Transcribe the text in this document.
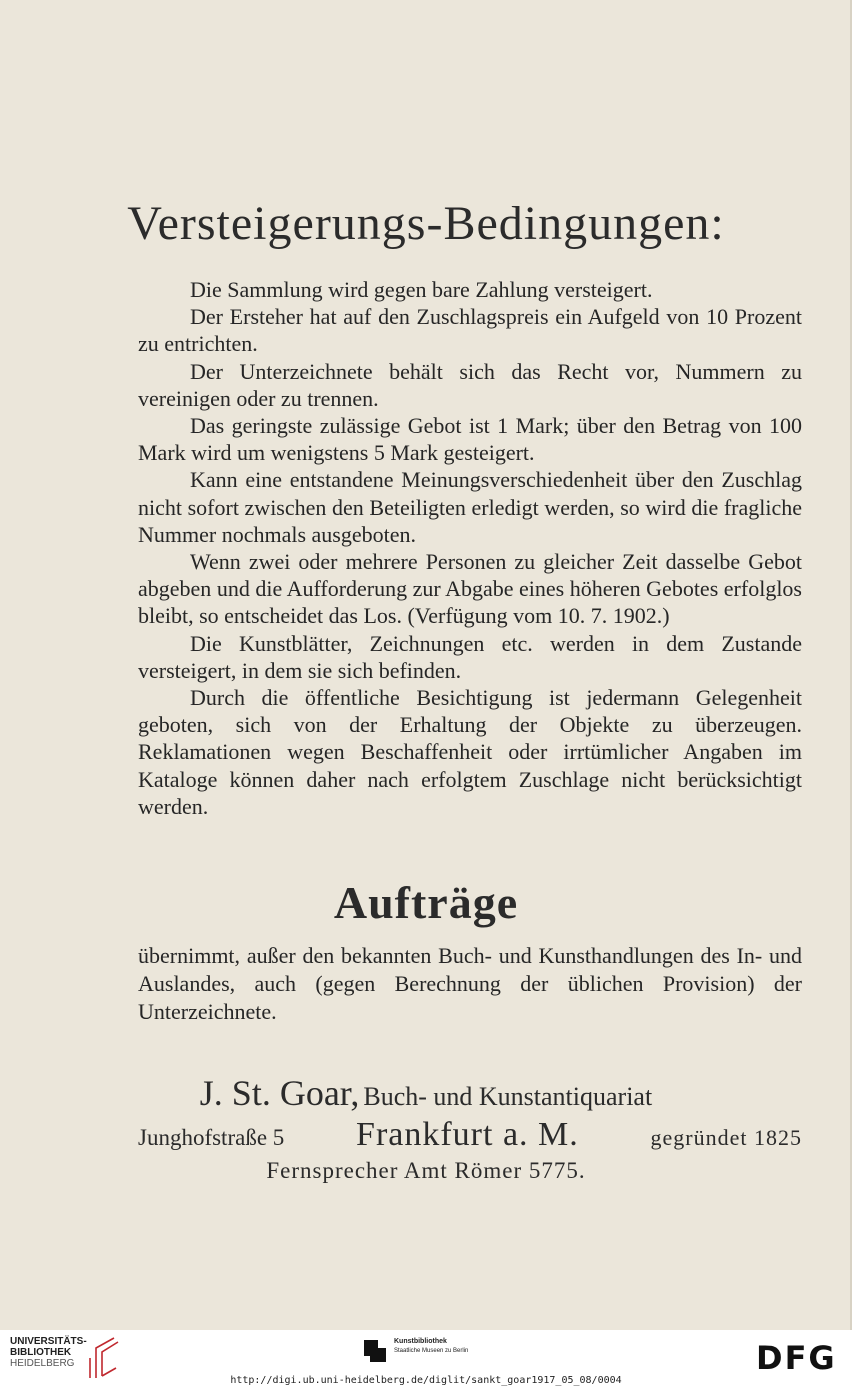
Versteigerungs-Bedingungen:

Die Sammlung wird gegen bare Zahlung versteigert.

Der Ersteher hat auf den Zuschlagspreis ein Aufgeld von 10 Prozent zu entrichten.

Der Unterzeichnete behält sich das Recht vor, Nummern zu vereinigen oder zu trennen.

Das geringste zulässige Gebot ist 1 Mark; über den Betrag von 100 Mark wird um wenigstens 5 Mark gesteigert.

Kann eine entstandene Meinungsverschiedenheit über den Zuschlag nicht sofort zwischen den Beteiligten erledigt werden, so wird die fragliche Nummer nochmals ausgeboten.

Wenn zwei oder mehrere Personen zu gleicher Zeit dasselbe Gebot abgeben und die Aufforderung zur Abgabe eines höheren Gebotes erfolglos bleibt, so entscheidet das Los. (Verfügung vom 10. 7. 1902.)

Die Kunstblätter, Zeichnungen etc. werden in dem Zustande versteigert, in dem sie sich befinden.

Durch die öffentliche Besichtigung ist jedermann Gelegenheit geboten, sich von der Erhaltung der Objekte zu überzeugen. Reklamationen wegen Beschaffenheit oder irrtümlicher Angaben im Kataloge können daher nach erfolgtem Zuschlage nicht berücksichtigt werden.

Aufträge

übernimmt, außer den bekannten Buch- und Kunsthandlungen des In- und Auslandes, auch (gegen Berechnung der üblichen Provision) der Unterzeichnete.

J. St. Goar, Buch- und Kunstantiquariat
Junghofstraße 5 Frankfurt a. M.	gegründet 1825
Fernsprecher Amt Römer 5775.
UNIVERSITÄTS-
BIBLIOTHEK
HEIDELBERG
Kunstbibliothek
Staatliche Museen zu Berlin	DFG
http://digi.ub.uni-heidelberg.de/diglit/sankt_goar1917_05_08/0004
